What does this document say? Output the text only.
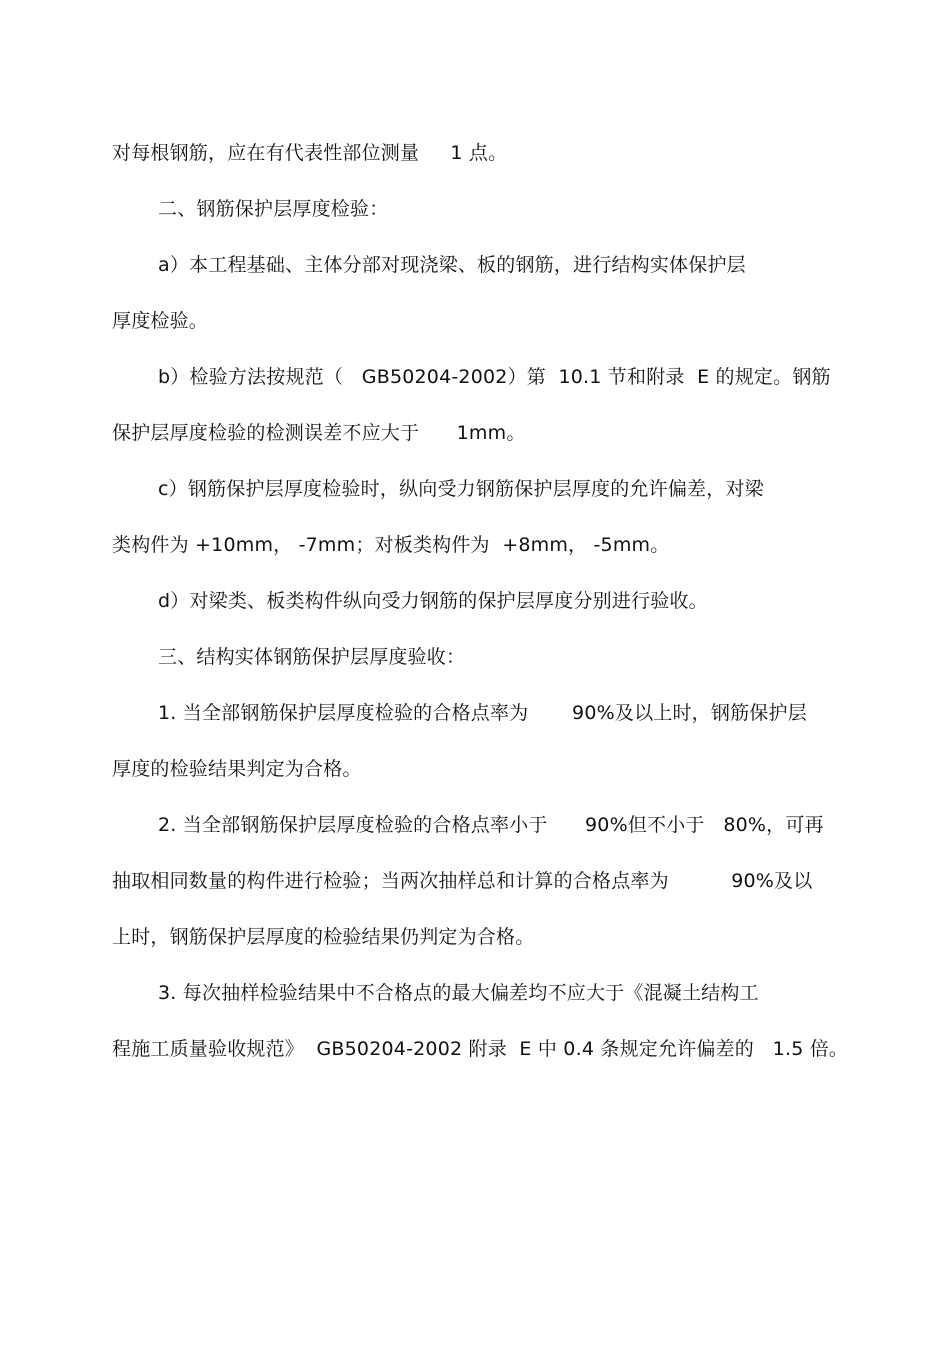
对每根钢筋，应在有代表性部位测量     1 点。
二、钢筋保护层厚度检验：
a）本工程基础、主体分部对现浇梁、板的钢筋，进行结构实体保护层
厚度检验。
b）检验方法按规范（   GB50204-2002）第  10.1 节和附录  E 的规定。钢筋
保护层厚度检验的检测误差不应大于      1mm。
c）钢筋保护层厚度检验时，纵向受力钢筋保护层厚度的允许偏差，对梁
类构件为 +10mm， -7mm；对板类构件为  +8mm， -5mm。
d）对梁类、板类构件纵向受力钢筋的保护层厚度分别进行验收。
三、结构实体钢筋保护层厚度验收：
1. 当全部钢筋保护层厚度检验的合格点率为       90%及以上时，钢筋保护层
厚度的检验结果判定为合格。
2. 当全部钢筋保护层厚度检验的合格点率小于      90%但不小于   80%，可再
抽取相同数量的构件进行检验；当两次抽样总和计算的合格点率为          90%及以
上时，钢筋保护层厚度的检验结果仍判定为合格。
3. 每次抽样检验结果中不合格点的最大偏差均不应大于《混凝土结构工
程施工质量验收规范》  GB50204-2002 附录  E 中 0.4 条规定允许偏差的   1.5 倍。
